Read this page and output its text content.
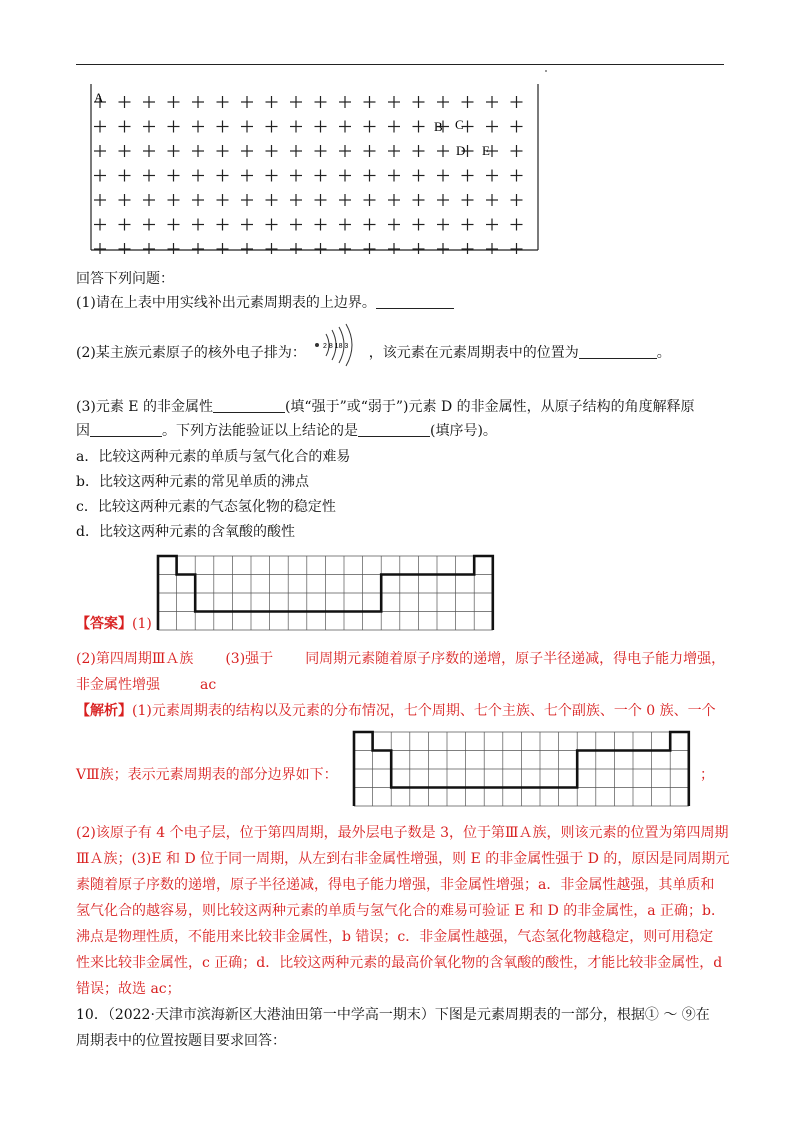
A
B C
D E
回答下列问题：
(1)请在上表中用实线补出元素周期表的上边界。
(2)某主族元素原子的核外电子排为： 2 8 18 3 ，该元素在元素周期表中的位置为	。
(3)元素 E 的非金属性	(填“强于”或“弱于”)元素 D 的非金属性，从原子结构的角度解释原
因	。下列方法能验证以上结论的是	(填序号)。
a．比较这两种元素的单质与氢气化合的难易
b．比较这两种元素的常见单质的沸点
c．比较这两种元素的气态氢化物的稳定性
d．比较这两种元素的含氧酸的酸性
【答案】(1)
(2)第四周期ⅢＡ族 (3)强于 同周期元素随着原子序数的递增，原子半径递减，得电子能力增强，
非金属性增强	ac
【解析】(1)元素周期表的结构以及元素的分布情况，七个周期、七个主族、七个副族、一个 0 族、一个
ⅤⅢ族；表示元素周期表的部分边界如下：	；
(2)该原子有 4 个电子层，位于第四周期，最外层电子数是 3，位于第ⅢＡ族，则该元素的位置为第四周期
ⅢＡ族；(3)E 和 D 位于同一周期，从左到右非金属性增强，则 E 的非金属性强于 D 的，原因是同周期元
素随着原子序数的递增，原子半径递减，得电子能力增强，非金属性增强；a．非金属性越强，其单质和
氢气化合的越容易，则比较这两种元素的单质与氢气化合的难易可验证 E 和 D 的非金属性，a 正确；b．
沸点是物理性质，不能用来比较非金属性，b 错误；c．非金属性越强，气态氢化物越稳定，则可用稳定
性来比较非金属性，c 正确；d．比较这两种元素的最高价氧化物的含氧酸的酸性，才能比较非金属性，d
错误；故选 ac；
10．（2022·天津市滨海新区大港油田第一中学高一期末）下图是元素周期表的一部分，根据① ～ ⑨在
周期表中的位置按题目要求回答：
